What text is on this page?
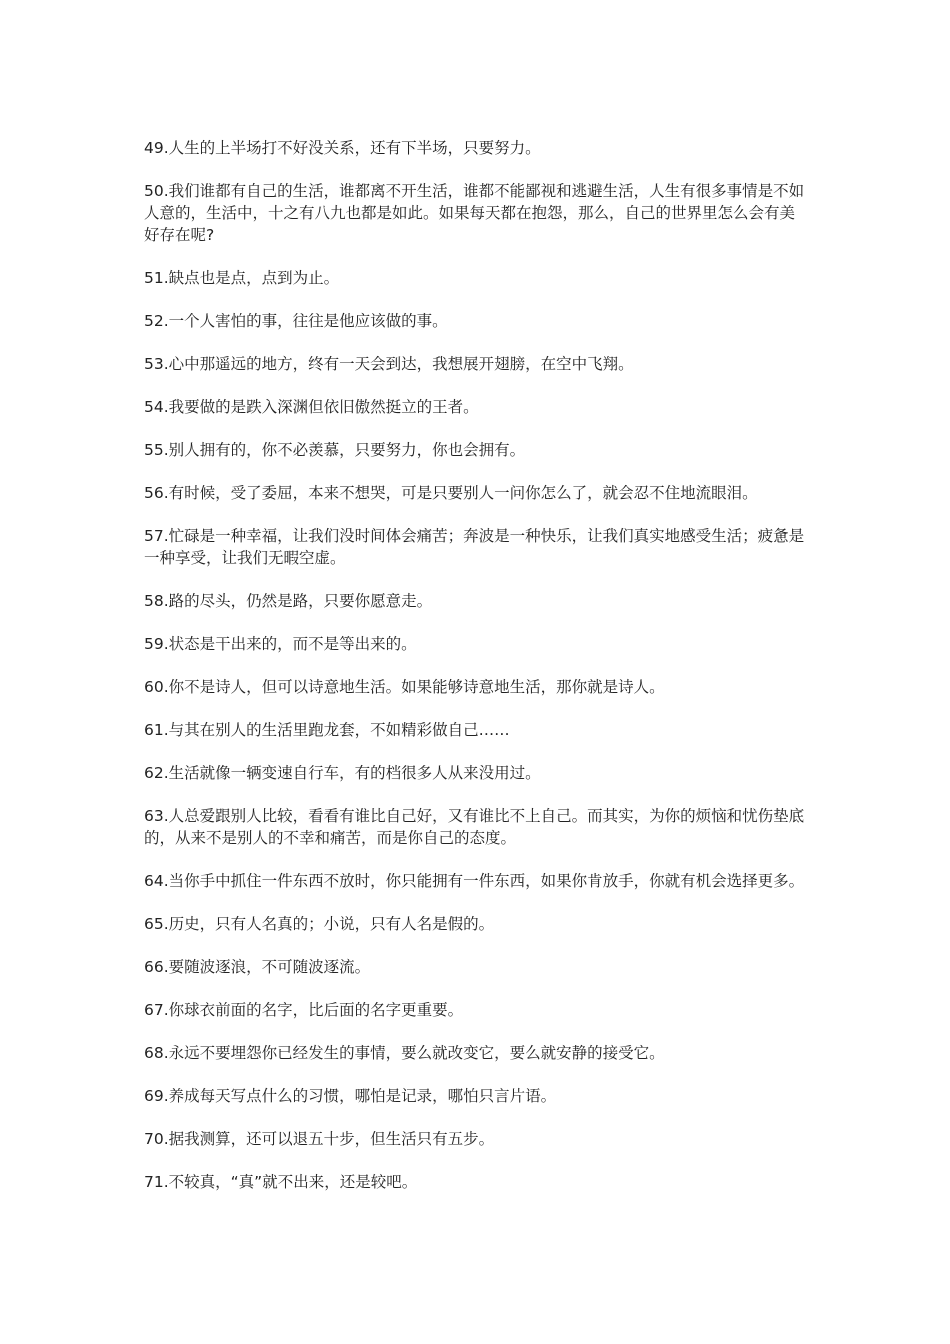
49.人生的上半场打不好没关系，还有下半场，只要努力。

50.我们谁都有自己的生活，谁都离不开生活，谁都不能鄙视和逃避生活，人生有很多事情是不如人意的，生活中，十之有八九也都是如此。如果每天都在抱怨，那么，自己的世界里怎么会有美好存在呢?

51.缺点也是点，点到为止。

52.一个人害怕的事，往往是他应该做的事。

53.心中那遥远的地方，终有一天会到达，我想展开翅膀，在空中飞翔。

54.我要做的是跌入深渊但依旧傲然挺立的王者。

55.别人拥有的，你不必羡慕，只要努力，你也会拥有。

56.有时候，受了委屈，本来不想哭，可是只要别人一问你怎么了，就会忍不住地流眼泪。

57.忙碌是一种幸福，让我们没时间体会痛苦；奔波是一种快乐，让我们真实地感受生活；疲惫是一种享受，让我们无暇空虚。

58.路的尽头，仍然是路，只要你愿意走。

59.状态是干出来的，而不是等出来的。

60.你不是诗人，但可以诗意地生活。如果能够诗意地生活，那你就是诗人。

61.与其在别人的生活里跑龙套，不如精彩做自己……

62.生活就像一辆变速自行车，有的档很多人从来没用过。

63.人总爱跟别人比较，看看有谁比自己好，又有谁比不上自己。而其实，为你的烦恼和忧伤垫底的，从来不是别人的不幸和痛苦，而是你自己的态度。

64.当你手中抓住一件东西不放时，你只能拥有一件东西，如果你肯放手，你就有机会选择更多。

65.历史，只有人名真的；小说，只有人名是假的。

66.要随波逐浪，不可随波逐流。

67.你球衣前面的名字，比后面的名字更重要。

68.永远不要埋怨你已经发生的事情，要么就改变它，要么就安静的接受它。

69.养成每天写点什么的习惯，哪怕是记录，哪怕只言片语。

70.据我测算，还可以退五十步，但生活只有五步。

71.不较真，“真”就不出来，还是较吧。
